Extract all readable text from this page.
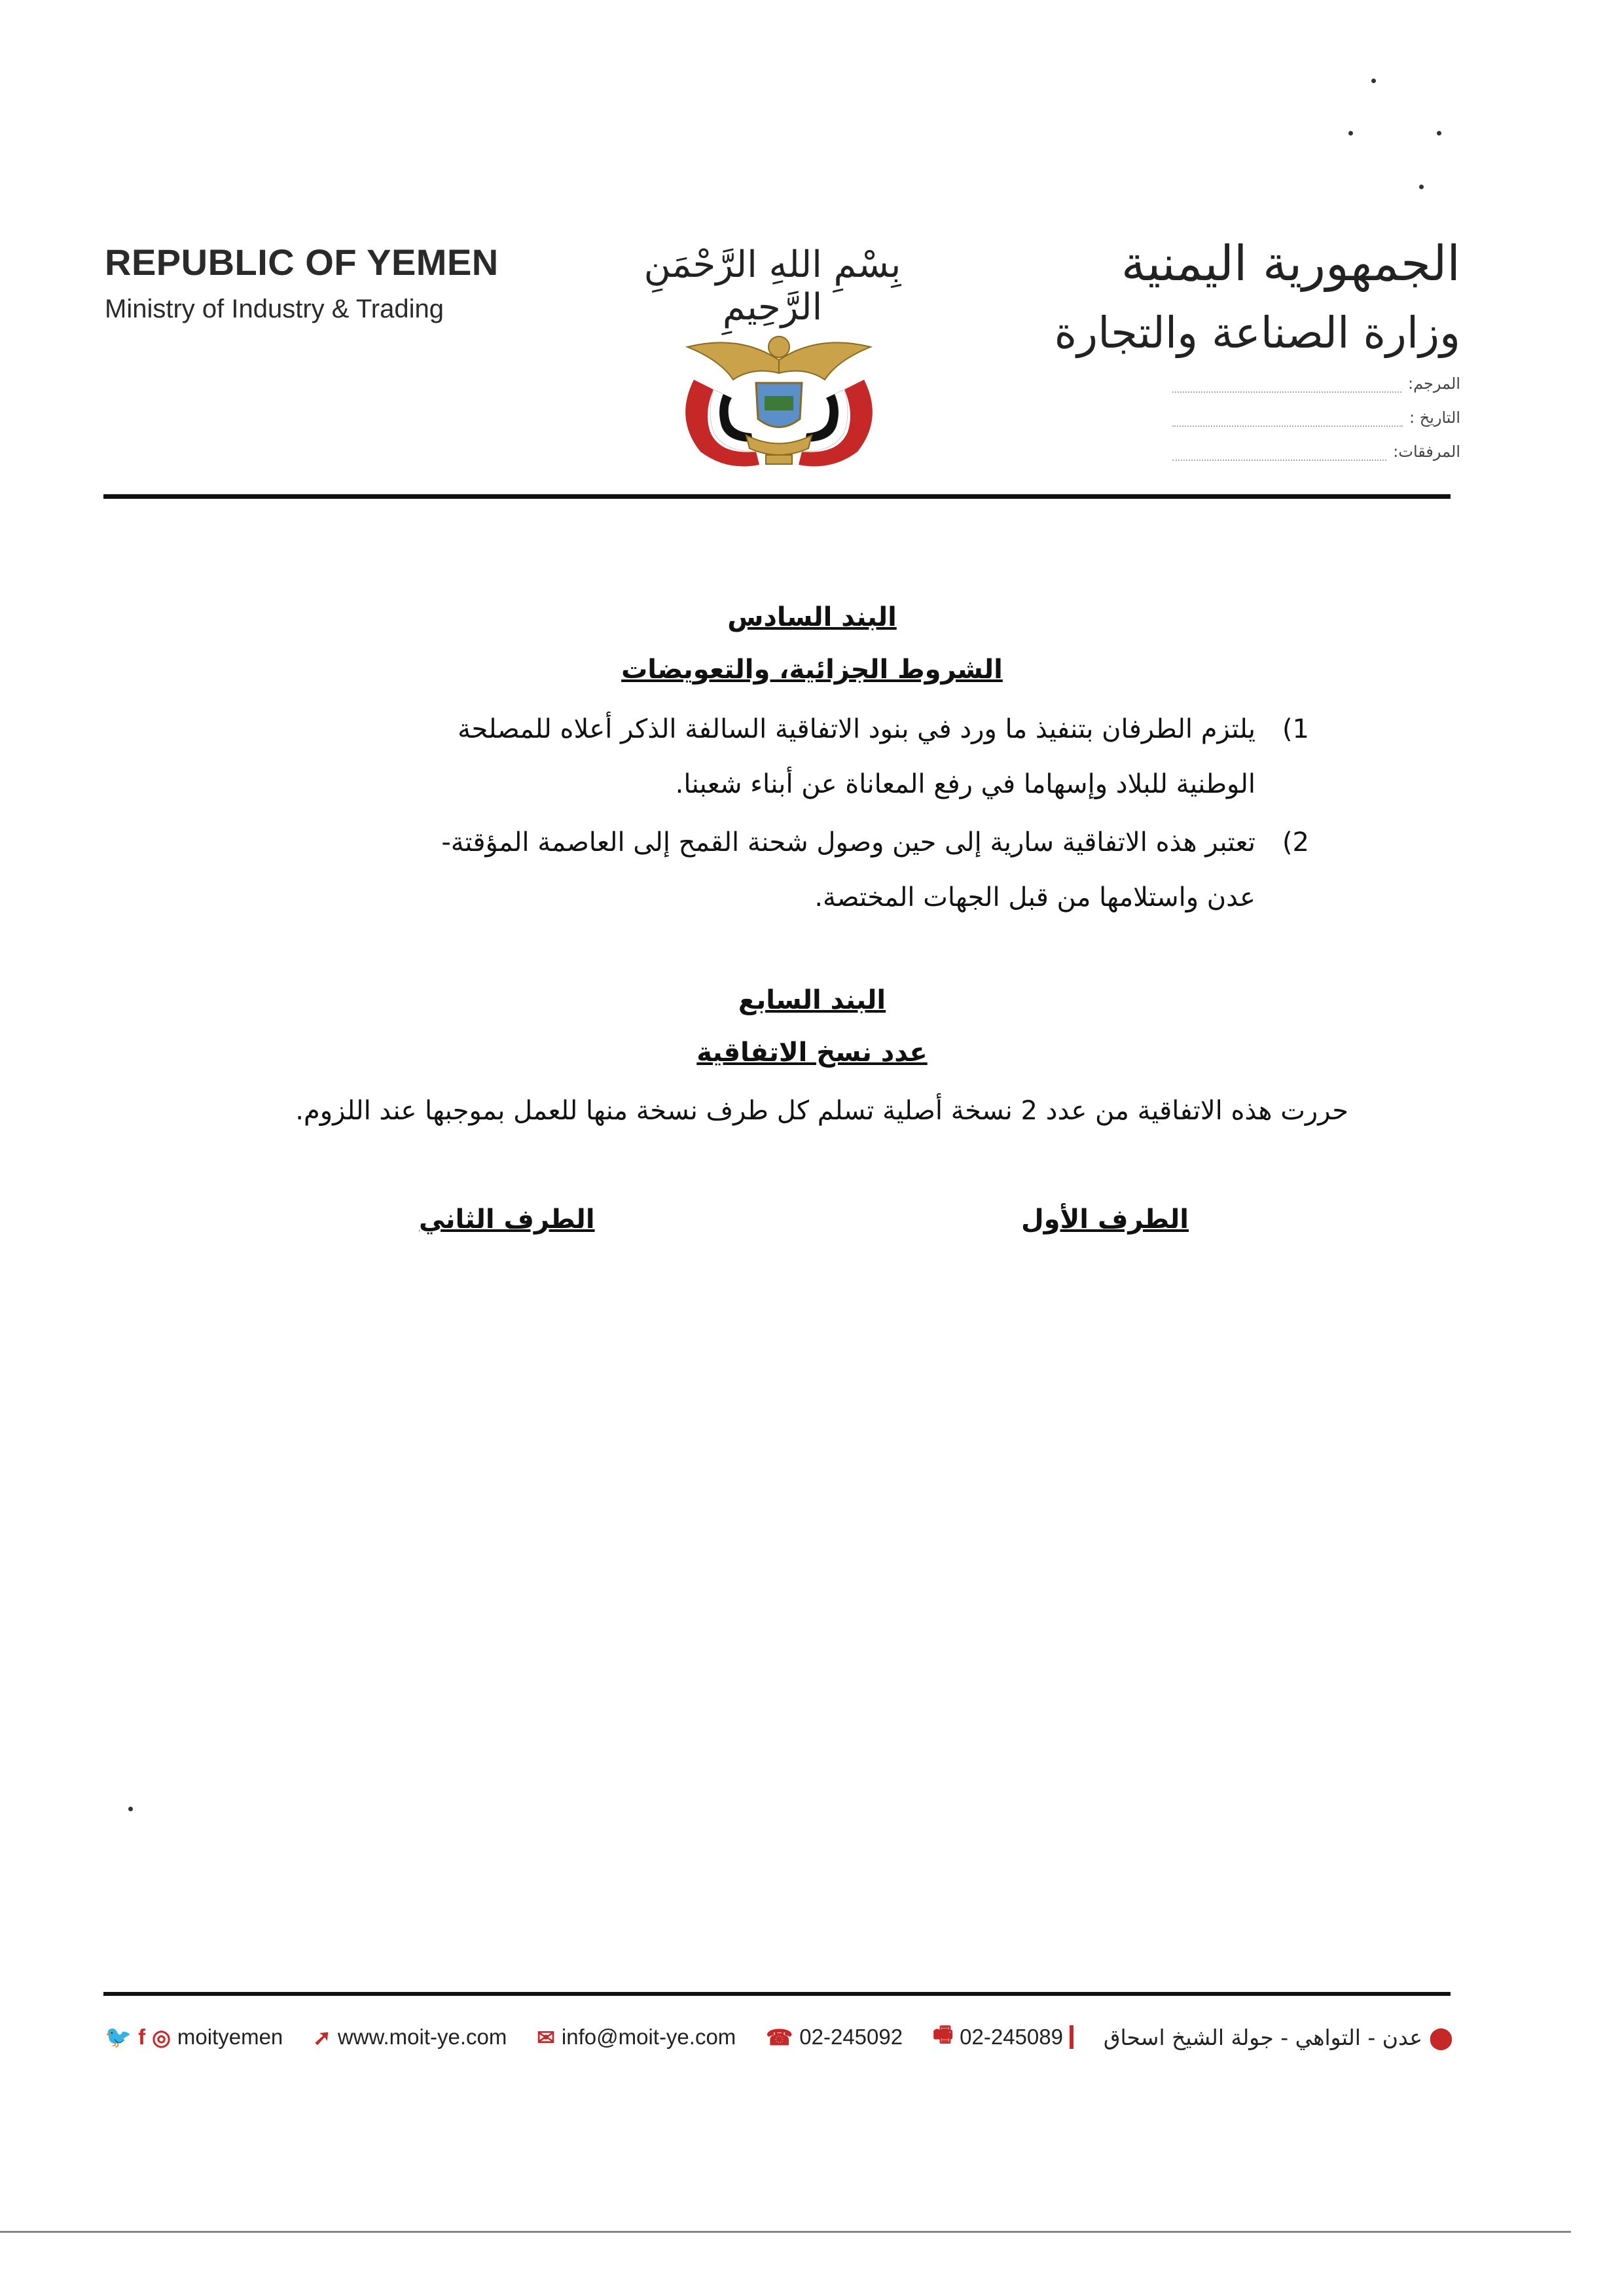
REPUBLIC OF YEMEN
Ministry of Industry & Trading
بِسْمِ اللهِ الرَّحْمَنِ الرَّحِيمِ
الجمهورية اليمنية
وزارة الصناعة والتجارة
المرجم:
التاريخ :
المرفقات:
البند السادس
الشروط الجزائية، والتعويضات
1)
يلتزم الطرفان بتنفيذ ما ورد في بنود الاتفاقية السالفة الذكر أعلاه للمصلحة
الوطنية للبلاد وإسهاما في رفع المعاناة عن أبناء شعبنا.
2)
تعتبر هذه الاتفاقية سارية إلى حين وصول شحنة القمح إلى العاصمة المؤقتة-
عدن واستلامها من قبل الجهات المختصة.
البند السابع
عدد نسخ الاتفاقية
حررت هذه الاتفاقية من عدد 2 نسخة أصلية تسلم كل طرف نسخة منها للعمل بموجبها عند اللزوم.
الطرف الأول
الطرف الثاني
🐦 f ◎ moityemen ➚ www.moit-ye.com ✉ info@moit-ye.com ☎ 02-245092 🖷 02-245089	⬤
عدن - التواهي - جولة الشيخ اسحاق
